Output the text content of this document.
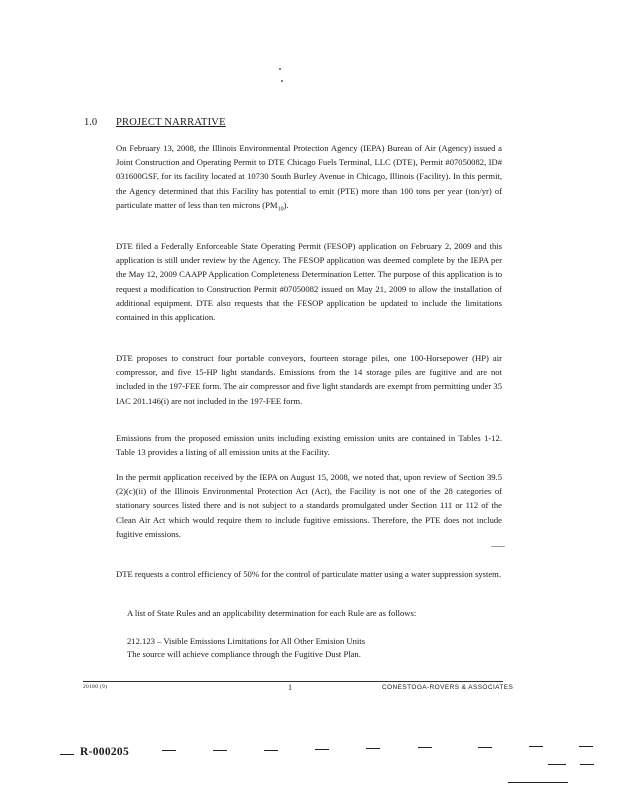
1.0 PROJECT NARRATIVE

On February 13, 2008, the Illinois Environmental Protection Agency (IEPA) Bureau of Air (Agency) issued a Joint Construction and Operating Permit to DTE Chicago Fuels Terminal, LLC (DTE), Permit #07050082, ID# 031600GSF, for its facility located at 10730 South Burley Avenue in Chicago, Illinois (Facility). In this permit, the Agency determined that this Facility has potential to emit (PTE) more than 100 tons per year (ton/yr) of particulate matter of less than ten microns $(PM_{10})$.

DTE filed a Federally Enforceable State Operating Permit (FESOP) application on February 2, 2009 and this application is still under review by the Agency. The FESOP application was deemed complete by the IEPA per the May 12, 2009 CAAPP Application Completeness Determination Letter. The purpose of this application is to request a modification to Construction Permit #07050082 issued on May 21, 2009 to allow the installation of additional equipment. DTE also requests that the FESOP application be updated to include the limitations contained in this application.

DTE proposes to construct four portable conveyors, fourteen storage piles, one 100-Horsepower (HP) air compressor, and five 15-HP light standards. Emissions from the 14 storage piles are fugitive and are not included in the 197-FEE form. The air compressor and five light standards are exempt from permitting under 35 IAC 201.146(i) are not included in the 197-FEE form.

Emissions from the proposed emission units including existing emission units are contained in Tables 1-12. Table 13 provides a listing of all emission units at the Facility.

In the permit application received by the IEPA on August 15, 2008, we noted that, upon review of Section 39.5 (2)(c)(ii) of the Illinois Environmental Protection Act (Act), the Facility is not one of the 28 categories of stationary sources listed there and is not subject to a standards promulgated under Section 111 or 112 of the Clean Air Act which would require them to include fugitive emissions. Therefore, the PTE does not include fugitive emissions.

DTE requests a control efficiency of 50% for the control of particulate matter using a water suppression system.

A list of State Rules and an applicability determination for each Rule are as follows:

212.123 – Visible Emissions Limitations for All Other Emision Units
The source will achieve compliance through the Fugitive Dust Plan.
20180 (9)	1	CONESTOGA-ROVERS & ASSOCIATES
R-000205
